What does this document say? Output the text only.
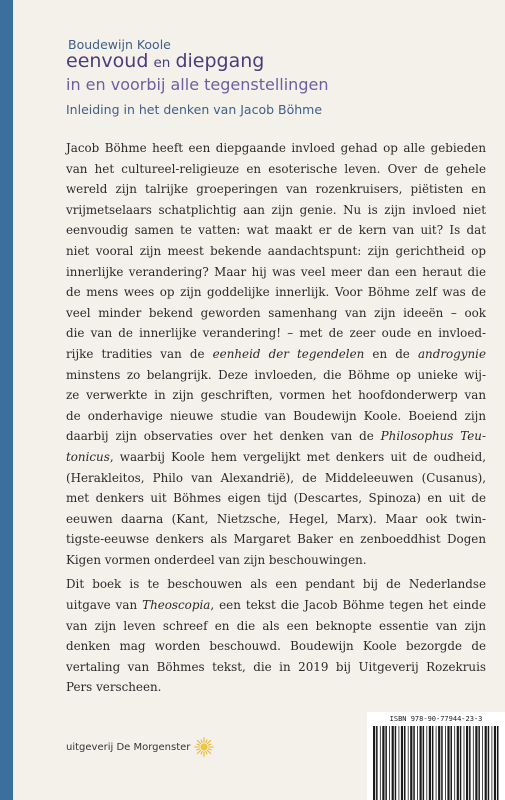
Boudewijn Koole
eenvoud en diepgang
in en voorbij alle tegenstellingen
Inleiding in het denken van Jacob Böhme

Jacob Böhme heeft een diepgaande invloed gehad op alle gebieden
van het cultureel-religieuze en esoterische leven. Over de gehele
wereld zijn talrijke groeperingen van rozenkruisers, piëtisten en
vrijmetselaars schatplichtig aan zijn genie. Nu is zijn invloed niet
eenvoudig samen te vatten: wat maakt er de kern van uit? Is dat
niet vooral zijn meest bekende aandachtspunt: zijn gerichtheid op
innerlijke verandering? Maar hij was veel meer dan een heraut die
de mens wees op zijn goddelijke innerlijk. Voor Böhme zelf was de
veel minder bekend geworden samenhang van zijn ideeën – ook
die van de innerlijke verandering! – met de zeer oude en invloed-
rijke tradities van de eenheid der tegendelen en de androgynie
minstens zo belangrijk. Deze invloeden, die Böhme op unieke wij-
ze verwerkte in zijn geschriften, vormen het hoofdonderwerp van
de onderhavige nieuwe studie van Boudewijn Koole. Boeiend zijn
daarbij zijn observaties over het denken van de Philosophus Teu-
tonicus, waarbij Koole hem vergelijkt met denkers uit de oudheid,
(Herakleitos, Philo van Alexandrië), de Middeleeuwen (Cusanus),
met denkers uit Böhmes eigen tijd (Descartes, Spinoza) en uit de
eeuwen daarna (Kant, Nietzsche, Hegel, Marx). Maar ook twin-
tigste-eeuwse denkers als Margaret Baker en zenboeddhist Dogen
Kigen vormen onderdeel van zijn beschouwingen.

Dit boek is te beschouwen als een pendant bij de Nederlandse
uitgave van Theoscopia, een tekst die Jacob Böhme tegen het einde
van zijn leven schreef en die als een beknopte essentie van zijn
denken mag worden beschouwd. Boudewijn Koole bezorgde de
vertaling van Böhmes tekst, die in 2019 bij Uitgeverij Rozekruis
Pers verscheen.

uitgeverij De Morgenster
ISBN 978-90-77944-23-3
